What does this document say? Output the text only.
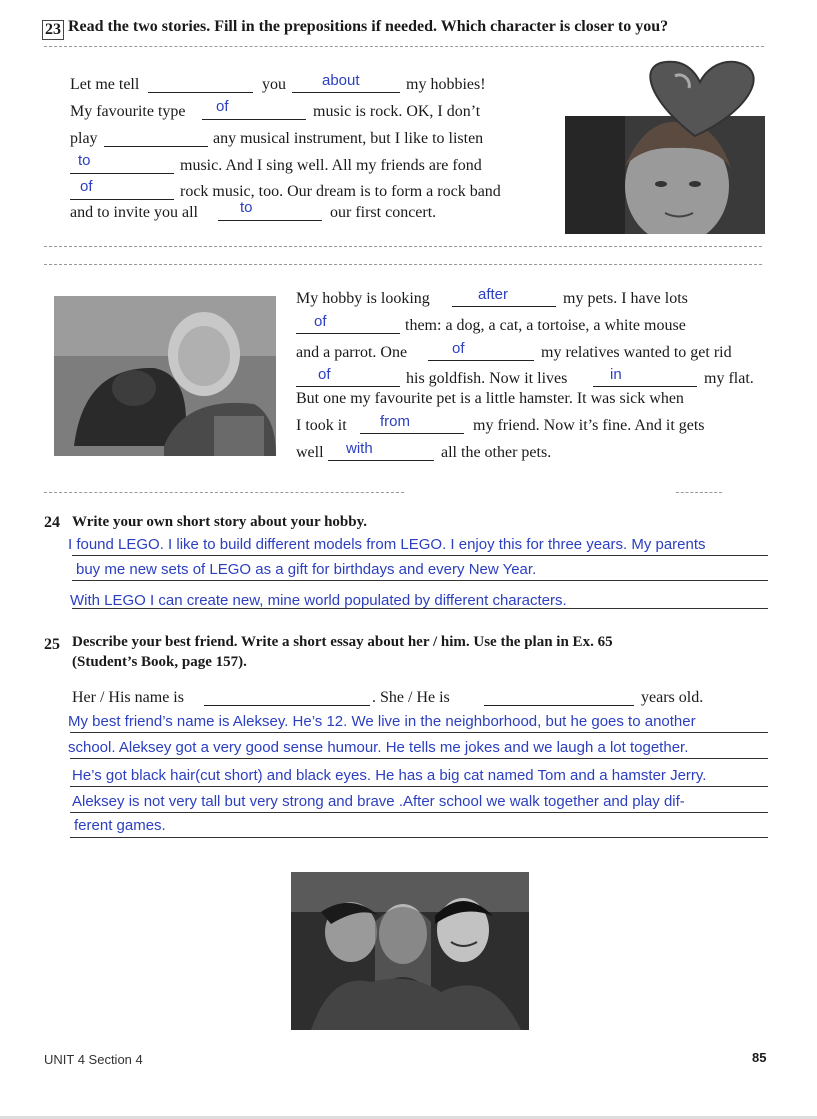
23 Read the two stories. Fill in the prepositions if needed. Which character is closer to you?
Let me tell	you about	my hobbies!
My favourite type of	music is rock. OK, I don’t
play	any musical instrument, but I like to listen
to	music. And I sing well. All my friends are fond
of	rock music, too. Our dream is to form a rock band
and to invite you all	to	our first concert.
My hobby is looking	after	my pets. I have lots
of	them: a dog, a cat, a tortoise, a white mouse
and a parrot. One	of	my relatives wanted to get rid
of	his goldfish. Now it lives	in	my flat.
But one my favourite pet is a little hamster. It was sick when
I took it from	my friend. Now it’s fine. And it gets
well with	all the other pets.
24 Write your own short story about your hobby.
I found LEGO. I like to build different models from LEGO. I enjoy this for three years. My parents
buy me new sets of LEGO as a gift for birthdays and every New Year.
With LEGO I can create new, mine world populated by different characters.
25 Describe your best friend. Write a short essay about her / him. Use the plan in Ex. 65
(Student’s Book, page 157).
Her / His name is	. She / He is	years old.
My best friend’s name is Aleksey. He’s 12. We live in the neighborhood, but he goes to another
school. Aleksey got a very good sense humour. He tells me jokes and we laugh a lot together.
He’s got black hair(cut short) and black eyes. He has a big cat named Tom and a hamster Jerry.
Aleksey is not very tall but very strong and brave .After school we walk together and play dif-
ferent games.
UNIT 4 Section 4	85
